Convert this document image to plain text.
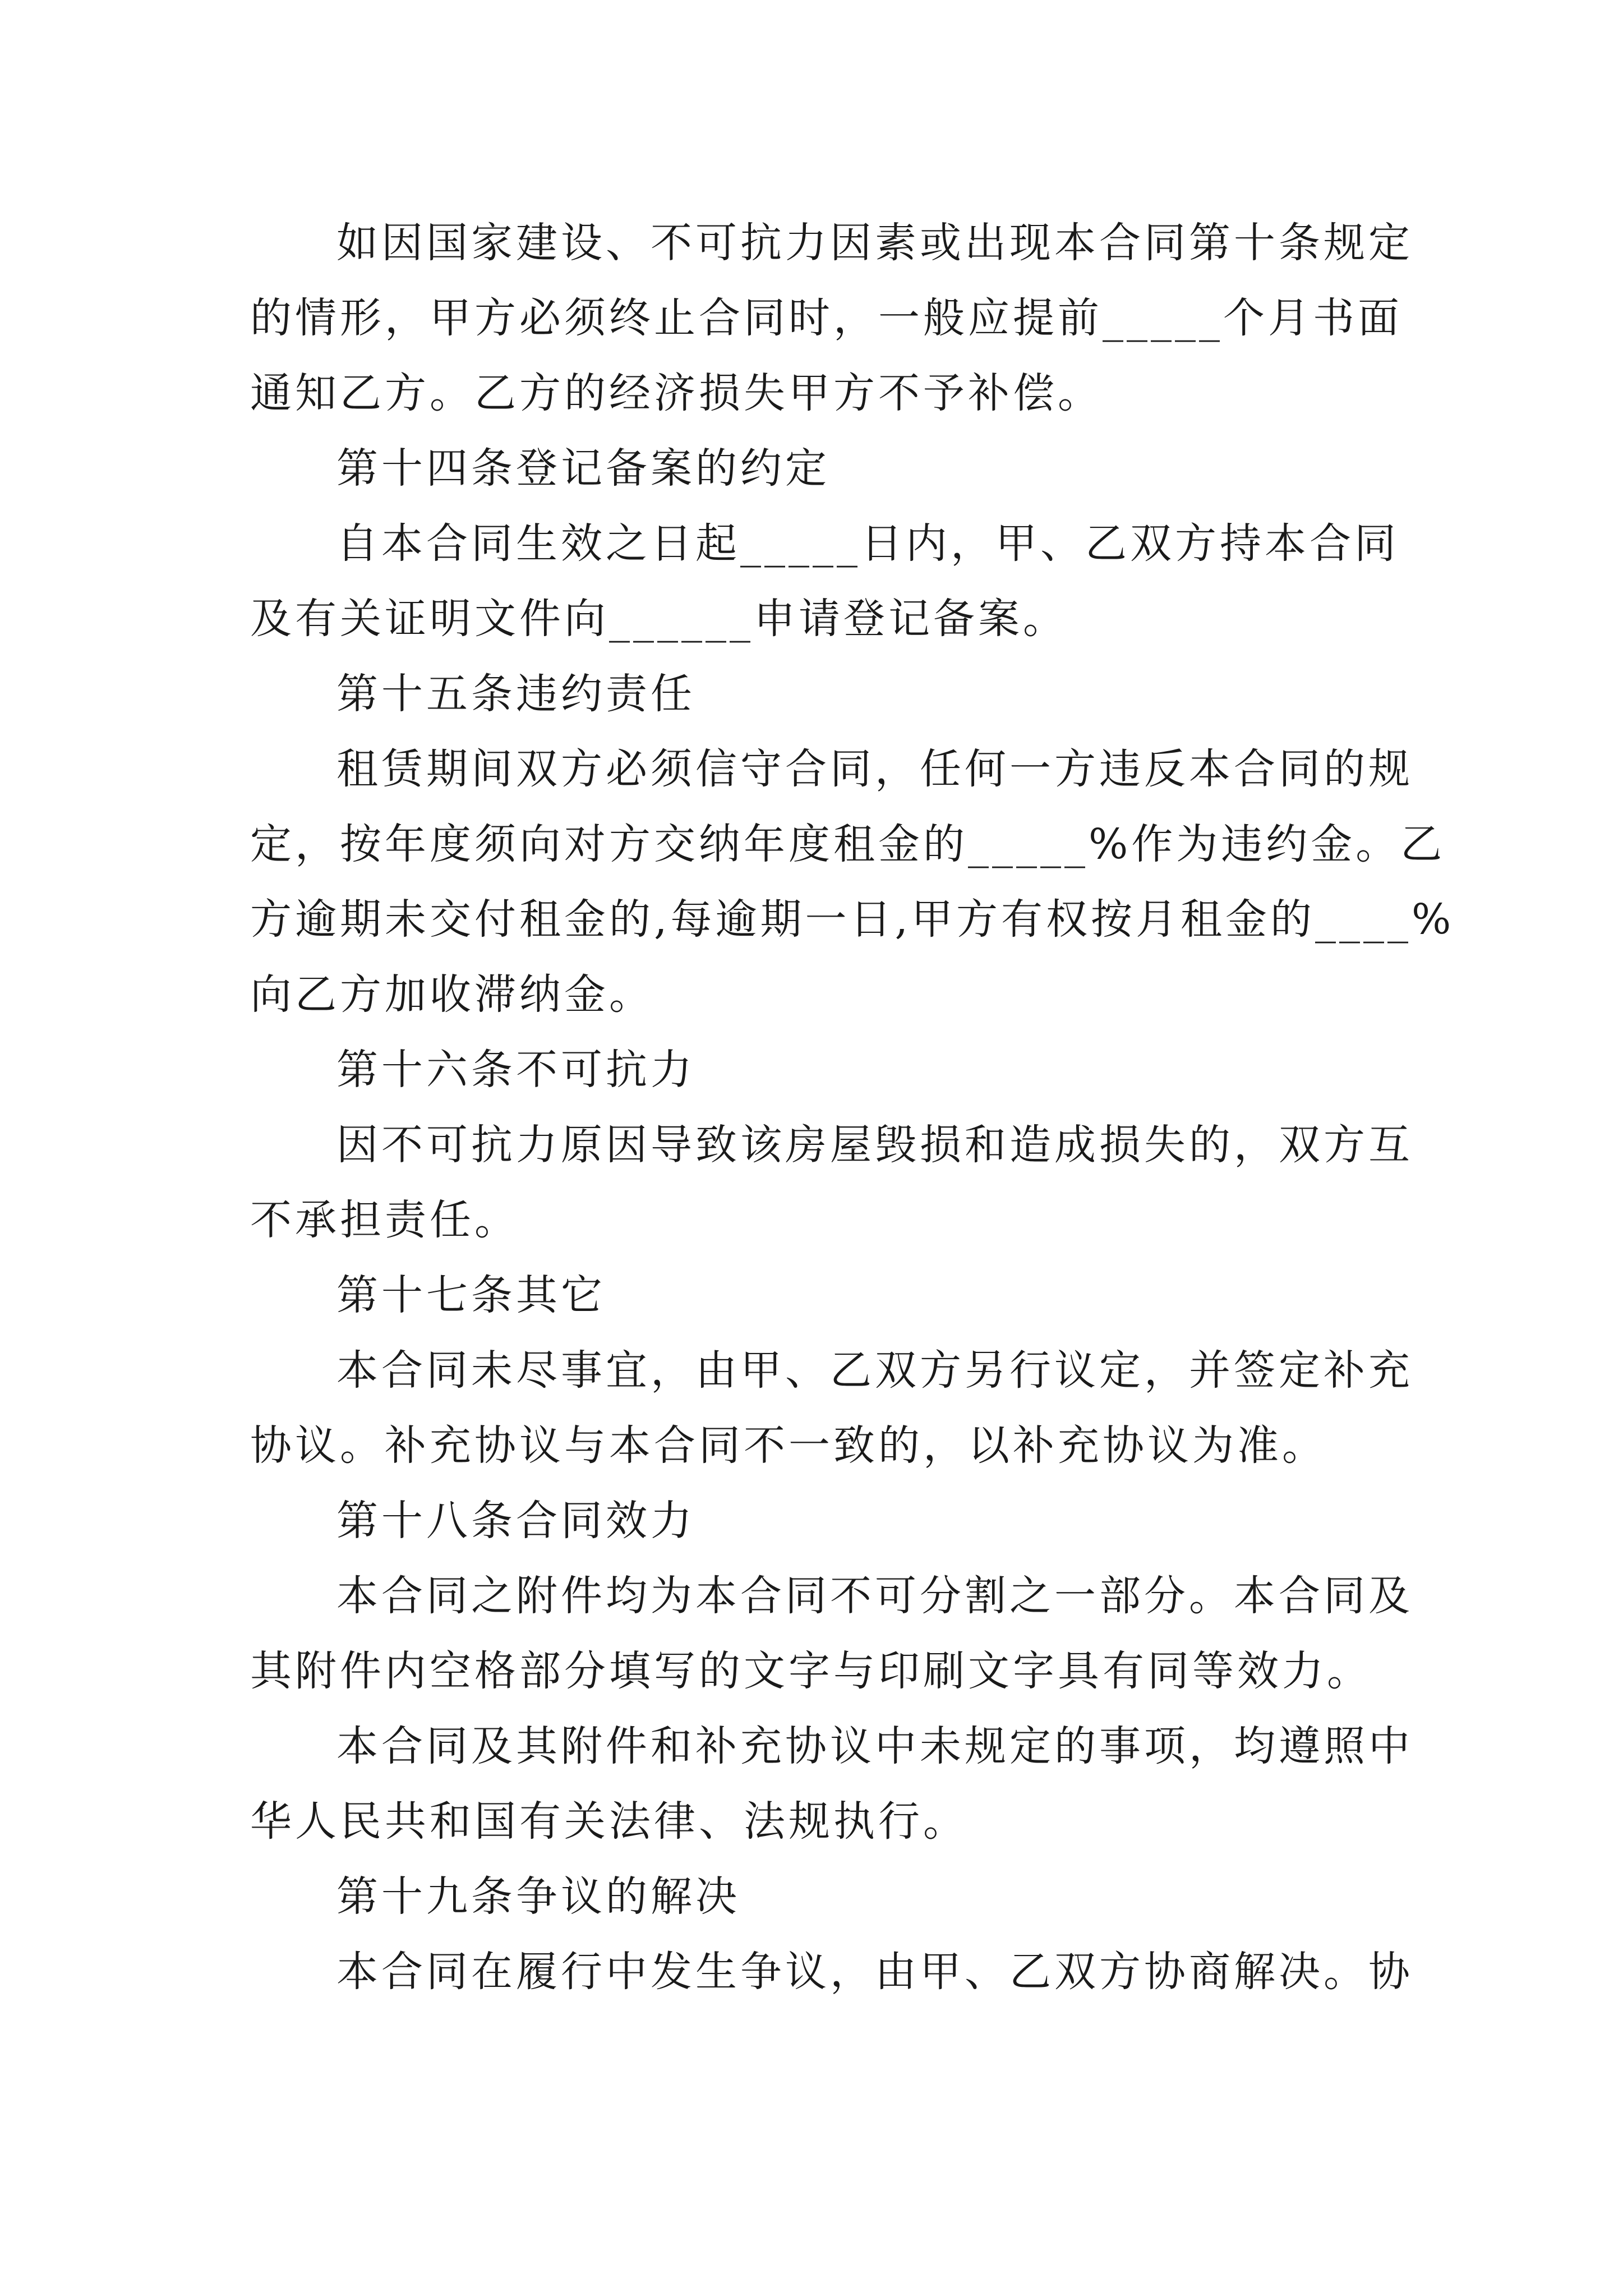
如因国家建设、不可抗力因素或出现本合同第十条规定

的情形，甲方必须终止合同时，一般应提前_____个月书面

通知乙方。乙方的经济损失甲方不予补偿。

第十四条登记备案的约定

自本合同生效之日起_____日内，甲、乙双方持本合同

及有关证明文件向______申请登记备案。

第十五条违约责任

租赁期间双方必须信守合同，任何一方违反本合同的规

定，按年度须向对方交纳年度租金的_____%作为违约金。乙

方逾期未交付租金的,每逾期一日,甲方有权按月租金的____%

向乙方加收滞纳金。

第十六条不可抗力

因不可抗力原因导致该房屋毁损和造成损失的，双方互

不承担责任。

第十七条其它

本合同未尽事宜，由甲、乙双方另行议定，并签定补充

协议。补充协议与本合同不一致的，以补充协议为准。

第十八条合同效力

本合同之附件均为本合同不可分割之一部分。本合同及

其附件内空格部分填写的文字与印刷文字具有同等效力。

本合同及其附件和补充协议中未规定的事项，均遵照中

华人民共和国有关法律、法规执行。

第十九条争议的解决

本合同在履行中发生争议，由甲、乙双方协商解决。协
